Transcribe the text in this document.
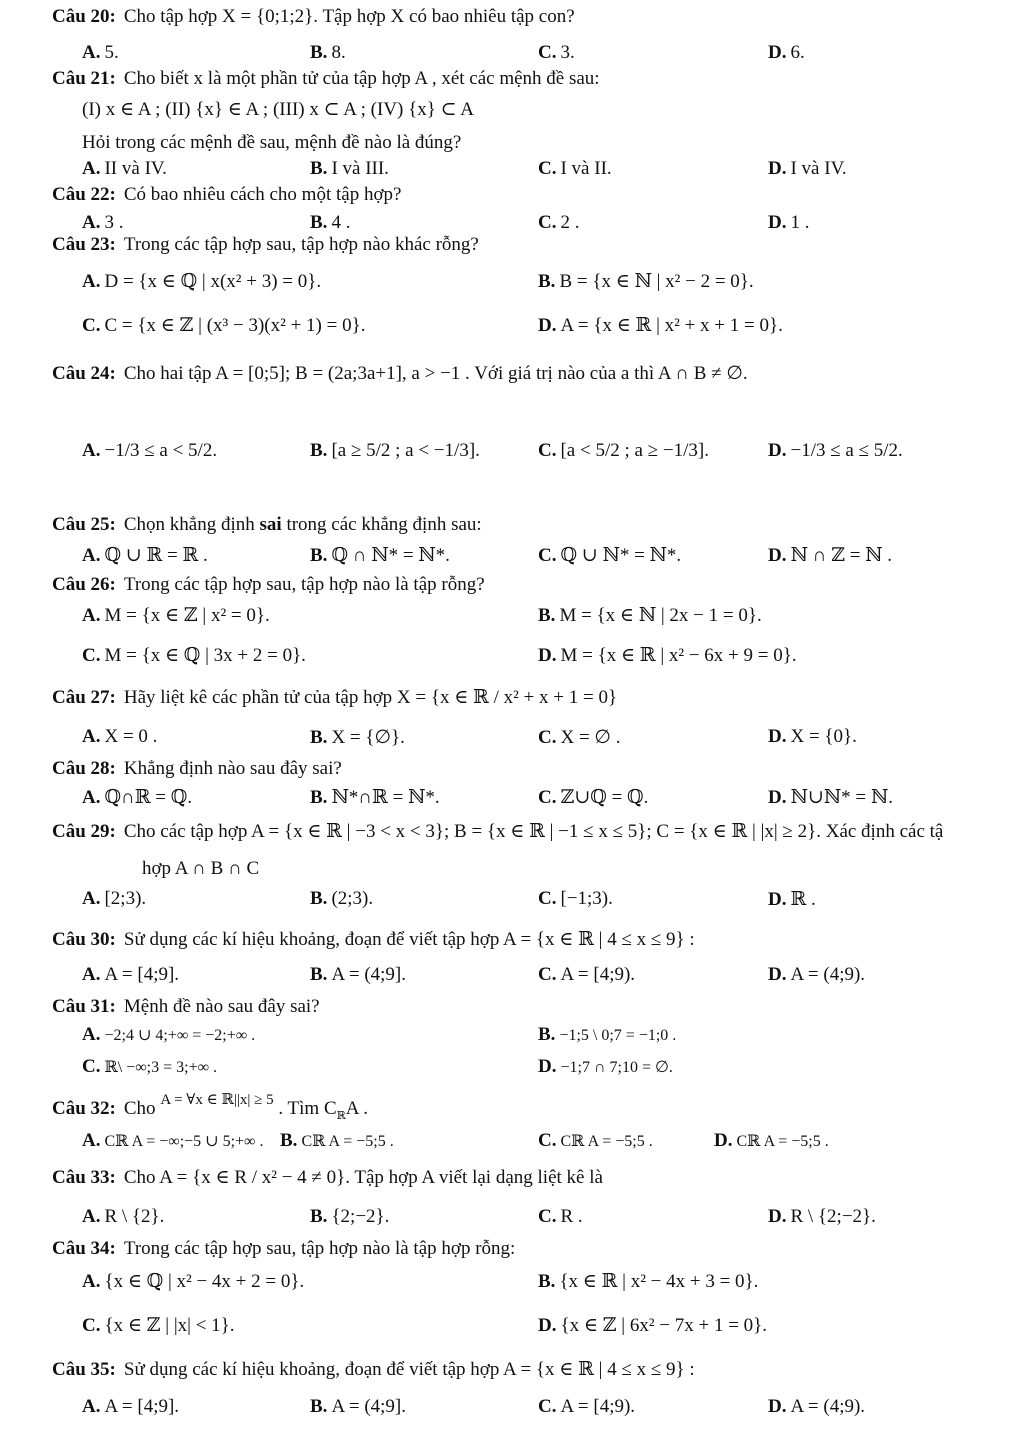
Câu 20: Cho tập hợp X = {0;1;2}. Tập hợp X có bao nhiêu tập con?
A. 5.	B. 8.	C. 3.	D. 6.
Câu 21: Cho biết x là một phần tử của tập hợp A , xét các mệnh đề sau:
(I) x ∈ A ; (II) {x} ∈ A ; (III) x ⊂ A ; (IV) {x} ⊂ A
Hỏi trong các mệnh đề sau, mệnh đề nào là đúng?
A. II và IV.	B. I và III.	C. I và II.	D. I và IV.
Câu 22: Có bao nhiêu cách cho một tập hợp?
A. 3 .	B. 4 .	C. 2 .	D. 1 .
Câu 23: Trong các tập hợp sau, tập hợp nào khác rỗng?
A. D = {x ∈ ℚ | x(x² + 3) = 0}.	B. B = {x ∈ ℕ | x² − 2 = 0}.
C. C = {x ∈ ℤ | (x³ − 3)(x² + 1) = 0}.	D. A = {x ∈ ℝ | x² + x + 1 = 0}.
Câu 24: Cho hai tập A = [0;5]; B = (2a;3a+1], a > −1 . Với giá trị nào của a thì A ∩ B ≠ ∅.
A. −1/3 ≤ a < 5/2.	B. [a ≥ 5/2 ; a < −1/3].	C. [a < 5/2 ; a ≥ −1/3].	D. −1/3 ≤ a ≤ 5/2.
Câu 25: Chọn khẳng định sai trong các khẳng định sau:
A. ℚ ∪ ℝ = ℝ .	B. ℚ ∩ ℕ* = ℕ*.	C. ℚ ∪ ℕ* = ℕ*.	D. ℕ ∩ ℤ = ℕ .
Câu 26: Trong các tập hợp sau, tập hợp nào là tập rỗng?
A. M = {x ∈ ℤ | x² = 0}.	B. M = {x ∈ ℕ | 2x − 1 = 0}.
C. M = {x ∈ ℚ | 3x + 2 = 0}.	D. M = {x ∈ ℝ | x² − 6x + 9 = 0}.
Câu 27: Hãy liệt kê các phần tử của tập hợp X = {x ∈ ℝ / x² + x + 1 = 0}
A. X = 0 .	B. X = {∅}.	C. X = ∅ .	D. X = {0}.
Câu 28: Khẳng định nào sau đây sai?
A. ℚ∩ℝ = ℚ.	B. ℕ*∩ℝ = ℕ*.	C. ℤ∪ℚ = ℚ.	D. ℕ∪ℕ* = ℕ.
Câu 29: Cho các tập hợp A = {x ∈ ℝ | −3 < x < 3}; B = {x ∈ ℝ | −1 ≤ x ≤ 5}; C = {x ∈ ℝ | |x| ≥ 2}. Xác định các tậ
hợp A ∩ B ∩ C
A. [2;3).	B. (2;3).	C. [−1;3).	D. ℝ .
Câu 30: Sử dụng các kí hiệu khoảng, đoạn để viết tập hợp A = {x ∈ ℝ | 4 ≤ x ≤ 9} :
A. A = [4;9].	B. A = (4;9].	C. A = [4;9).	D. A = (4;9).
Câu 31: Mệnh đề nào sau đây sai?
A. −2;4 ∪ 4;+∞ = −2;+∞ .	B. −1;5 \ 0;7 = −1;0 .
C. ℝ\ −∞;3 = 3;+∞ .	D. −1;7 ∩ 7;10 = ∅.
Câu 32: Cho $^{A = \forall x \in ℝ||x| \ge 5}$ . Tìm $C_ℝA$ .
A. Cℝ A = −∞;−5 ∪ 5;+∞ . B. Cℝ A = −5;5 .	C. Cℝ A = −5;5 .	D. Cℝ A = −5;5 .
Câu 33: Cho A = {x ∈ R / x² − 4 ≠ 0}. Tập hợp A viết lại dạng liệt kê là
A. R \ {2}.	B. {2;−2}.	C. R .	D. R \ {2;−2}.
Câu 34: Trong các tập hợp sau, tập hợp nào là tập hợp rỗng:
A. {x ∈ ℚ | x² − 4x + 2 = 0}.	B. {x ∈ ℝ | x² − 4x + 3 = 0}.
C. {x ∈ ℤ | |x| < 1}.	D. {x ∈ ℤ | 6x² − 7x + 1 = 0}.
Câu 35: Sử dụng các kí hiệu khoảng, đoạn để viết tập hợp A = {x ∈ ℝ | 4 ≤ x ≤ 9} :
A. A = [4;9].	B. A = (4;9].	C. A = [4;9).	D. A = (4;9).
